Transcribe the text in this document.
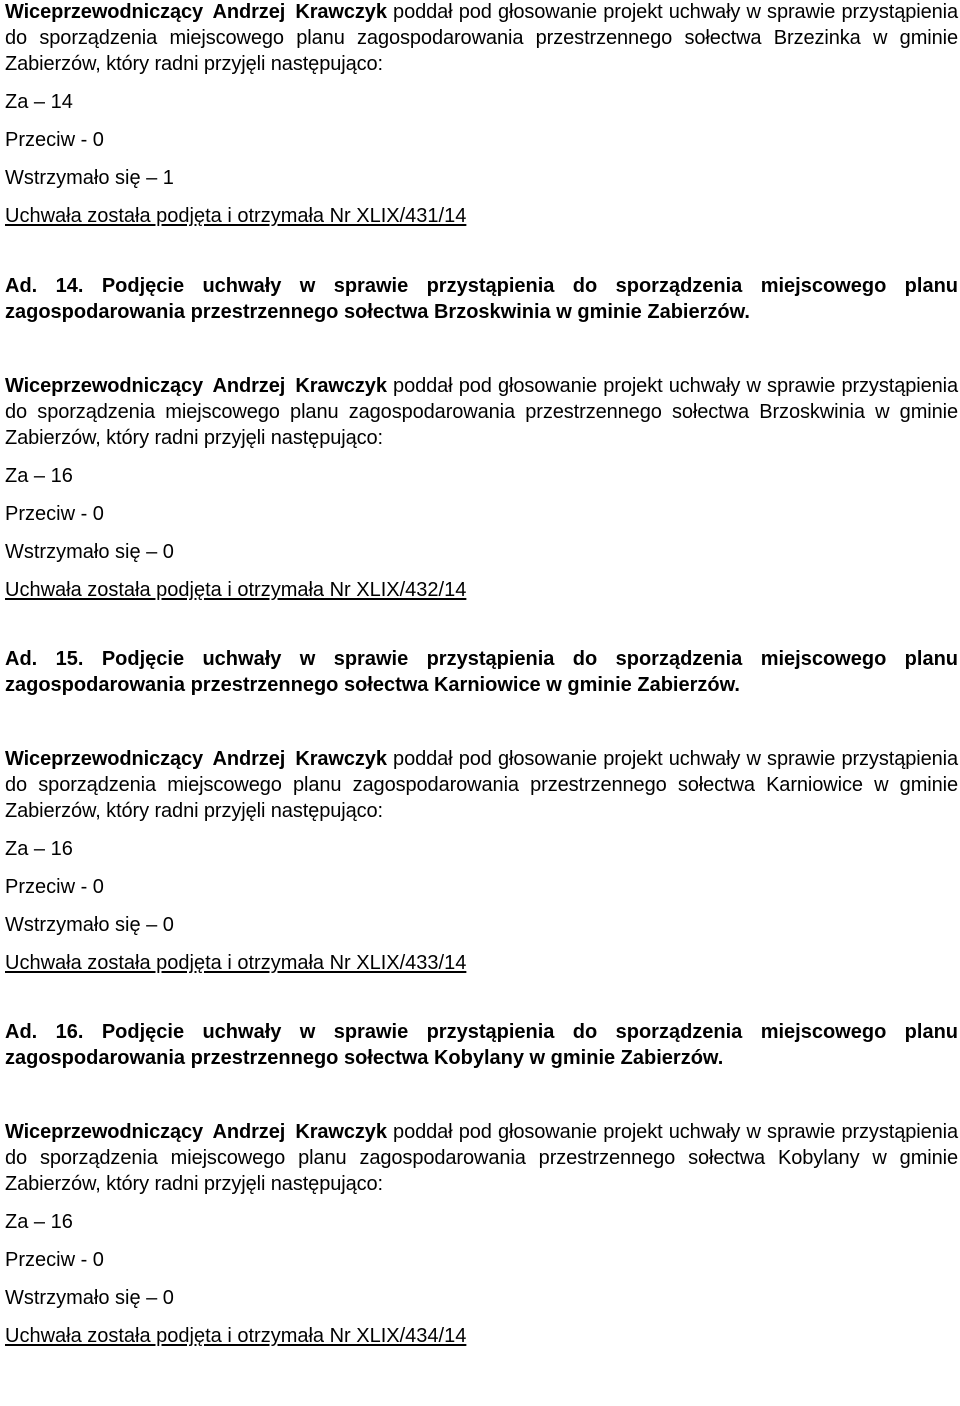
Wiceprzewodniczący Andrzej Krawczyk poddał pod głosowanie projekt uchwały w sprawie przystąpienia do sporządzenia miejscowego planu zagospodarowania przestrzennego sołectwa Brzezinka w gminie Zabierzów, który radni przyjęli następująco:

Za – 14

Przeciw - 0

Wstrzymało się – 1

Uchwała została podjęta i otrzymała Nr XLIX/431/14

Ad. 14. Podjęcie uchwały w sprawie przystąpienia do sporządzenia miejscowego planu zagospodarowania przestrzennego sołectwa Brzoskwinia w gminie Zabierzów.

Wiceprzewodniczący Andrzej Krawczyk poddał pod głosowanie projekt uchwały w sprawie przystąpienia do sporządzenia miejscowego planu zagospodarowania przestrzennego sołectwa Brzoskwinia w gminie Zabierzów, który radni przyjęli następująco:

Za – 16

Przeciw - 0

Wstrzymało się – 0

Uchwała została podjęta i otrzymała Nr XLIX/432/14

Ad. 15. Podjęcie uchwały w sprawie przystąpienia do sporządzenia miejscowego planu zagospodarowania przestrzennego sołectwa Karniowice w gminie Zabierzów.

Wiceprzewodniczący Andrzej Krawczyk poddał pod głosowanie projekt uchwały w sprawie przystąpienia do sporządzenia miejscowego planu zagospodarowania przestrzennego sołectwa Karniowice w gminie Zabierzów, który radni przyjęli następująco:

Za – 16

Przeciw - 0

Wstrzymało się – 0

Uchwała została podjęta i otrzymała Nr XLIX/433/14

Ad. 16. Podjęcie uchwały w sprawie przystąpienia do sporządzenia miejscowego planu zagospodarowania przestrzennego sołectwa Kobylany w gminie Zabierzów.

Wiceprzewodniczący Andrzej Krawczyk poddał pod głosowanie projekt uchwały w sprawie przystąpienia do sporządzenia miejscowego planu zagospodarowania przestrzennego sołectwa Kobylany w gminie Zabierzów, który radni przyjęli następująco:

Za – 16

Przeciw - 0

Wstrzymało się – 0

Uchwała została podjęta i otrzymała Nr XLIX/434/14
